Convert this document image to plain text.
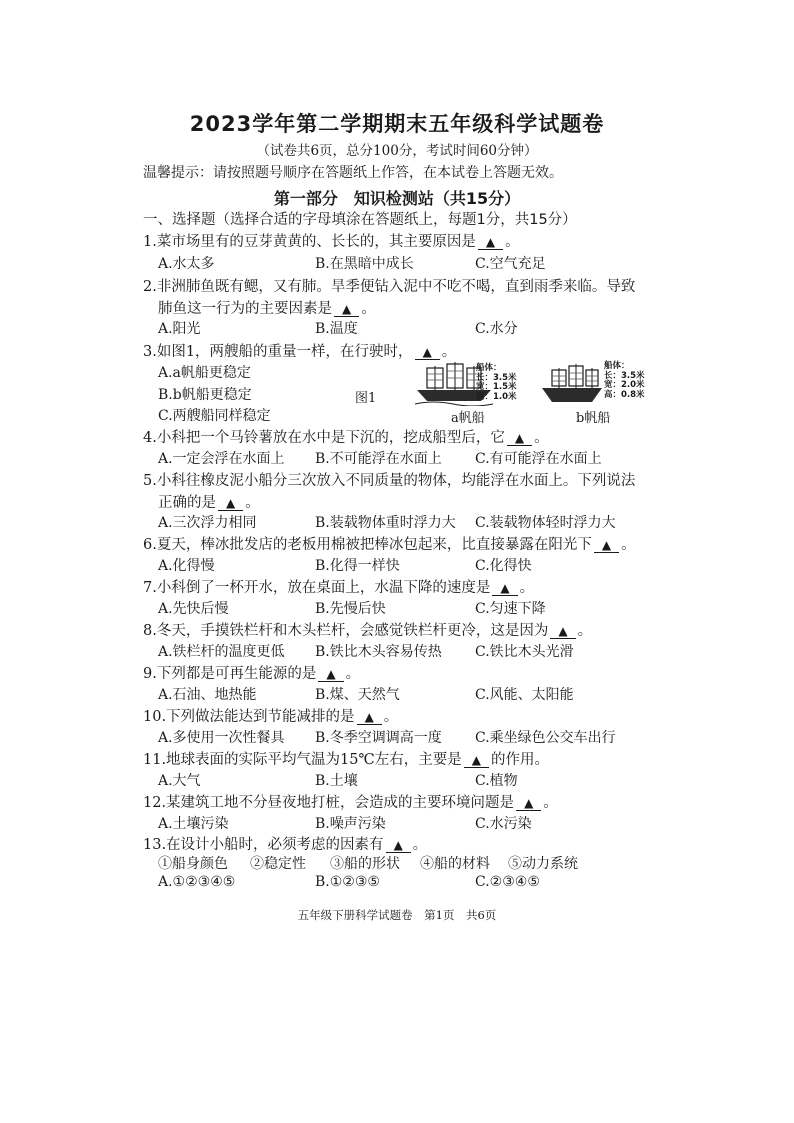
2023学年第二学期期末五年级科学试题卷
（试卷共6页，总分100分，考试时间60分钟）
温馨提示：请按照题号顺序在答题纸上作答，在本试卷上答题无效。
第一部分　知识检测站（共15分）
一、选择题（选择合适的字母填涂在答题纸上，每题1分，共15分）
1.菜市场里有的豆芽黄黄的、长长的，其主要原因是 ▲ 。
A.水太多	B.在黑暗中成长	C.空气充足
2.非洲肺鱼既有鳃，又有肺。旱季便钻入泥中不吃不喝，直到雨季来临。导致
肺鱼这一行为的主要因素是 ▲ 。
A.阳光	B.温度	C.水分
3.如图1，两艘船的重量一样，在行驶时， ▲ 。
A.a帆船更稳定
B.b帆船更稳定
C.两艘船同样稳定
图1
船体：
长：3.5米
宽：1.5米
高：1.0米
a帆船
船体：
长：3.5米
宽：2.0米
高：0.8米
b帆船
4.小科把一个马铃薯放在水中是下沉的，挖成船型后，它 ▲ 。
A.一定会浮在水面上 B.不可能浮在水面上 C.有可能浮在水面上
5.小科往橡皮泥小船分三次放入不同质量的物体，均能浮在水面上。下列说法
正确的是 ▲ 。
A.三次浮力相同	B.装载物体重时浮力大 C.装载物体轻时浮力大
6.夏天，棒冰批发店的老板用棉被把棒冰包起来，比直接暴露在阳光下 ▲ 。
A.化得慢	B.化得一样快	C.化得快
7.小科倒了一杯开水，放在桌面上，水温下降的速度是 ▲ 。
A.先快后慢	B.先慢后快	C.匀速下降
8.冬天，手摸铁栏杆和木头栏杆，会感觉铁栏杆更冷，这是因为 ▲ 。
A.铁栏杆的温度更低 B.铁比木头容易传热 C.铁比木头光滑
9.下列都是可再生能源的是 ▲ 。
A.石油、地热能	B.煤、天然气	C.风能、太阳能
10.下列做法能达到节能减排的是 ▲ 。
A.多使用一次性餐具 B.冬季空调调高一度 C.乘坐绿色公交车出行
11.地球表面的实际平均气温为15℃左右，主要是 ▲ 的作用。
A.大气	B.土壤	C.植物
12.某建筑工地不分昼夜地打桩，会造成的主要环境问题是 ▲ 。
A.土壤污染	B.噪声污染	C.水污染
13.在设计小船时，必须考虑的因素有 ▲ 。
①船身颜色 ②稳定性 ③船的形状 ④船的材料 ⑤动力系统
A.①②③④⑤	B.①②③⑤	C.②③④⑤
五年级下册科学试题卷　第1页　共6页
